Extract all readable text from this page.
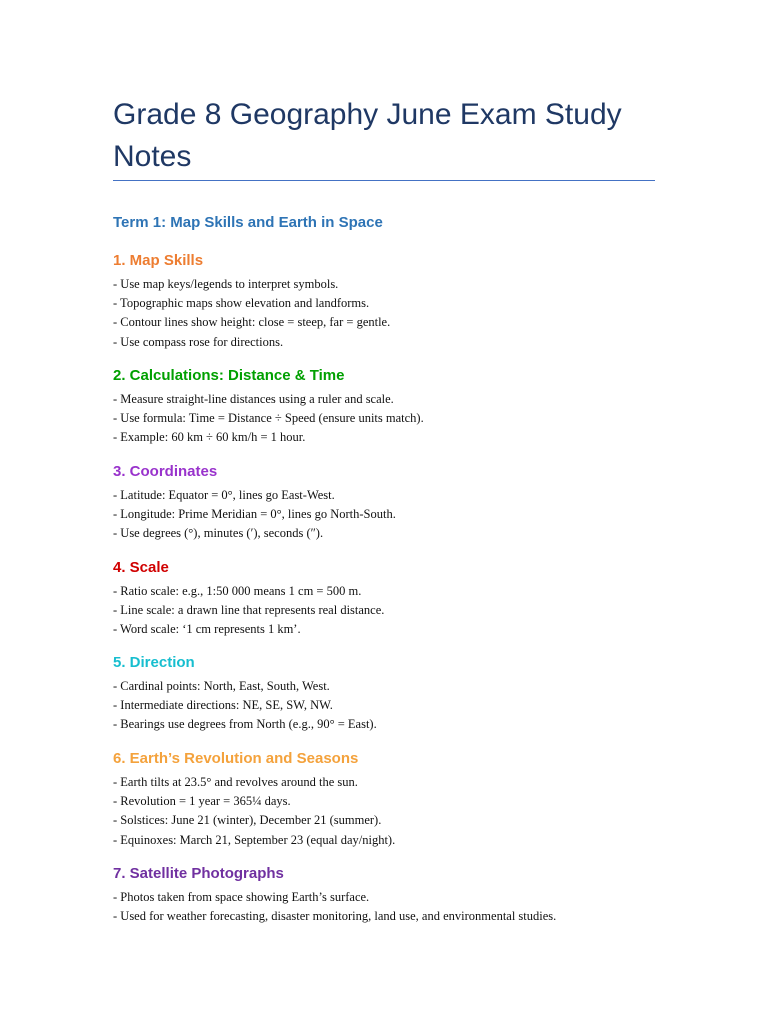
Grade 8 Geography June Exam Study Notes
Term 1: Map Skills and Earth in Space
1. Map Skills
- Use map keys/legends to interpret symbols.
- Topographic maps show elevation and landforms.
- Contour lines show height: close = steep, far = gentle.
- Use compass rose for directions.
2. Calculations: Distance & Time
- Measure straight-line distances using a ruler and scale.
- Use formula: Time = Distance ÷ Speed (ensure units match).
- Example: 60 km ÷ 60 km/h = 1 hour.
3. Coordinates
- Latitude: Equator = 0°, lines go East-West.
- Longitude: Prime Meridian = 0°, lines go North-South.
- Use degrees (°), minutes (′), seconds (″).
4. Scale
- Ratio scale: e.g., 1:50 000 means 1 cm = 500 m.
- Line scale: a drawn line that represents real distance.
- Word scale: ‘1 cm represents 1 km’.
5. Direction
- Cardinal points: North, East, South, West.
- Intermediate directions: NE, SE, SW, NW.
- Bearings use degrees from North (e.g., 90° = East).
6. Earth’s Revolution and Seasons
- Earth tilts at 23.5° and revolves around the sun.
- Revolution = 1 year = 365¼ days.
- Solstices: June 21 (winter), December 21 (summer).
- Equinoxes: March 21, September 23 (equal day/night).
7. Satellite Photographs
- Photos taken from space showing Earth’s surface.
- Used for weather forecasting, disaster monitoring, land use, and environmental studies.
